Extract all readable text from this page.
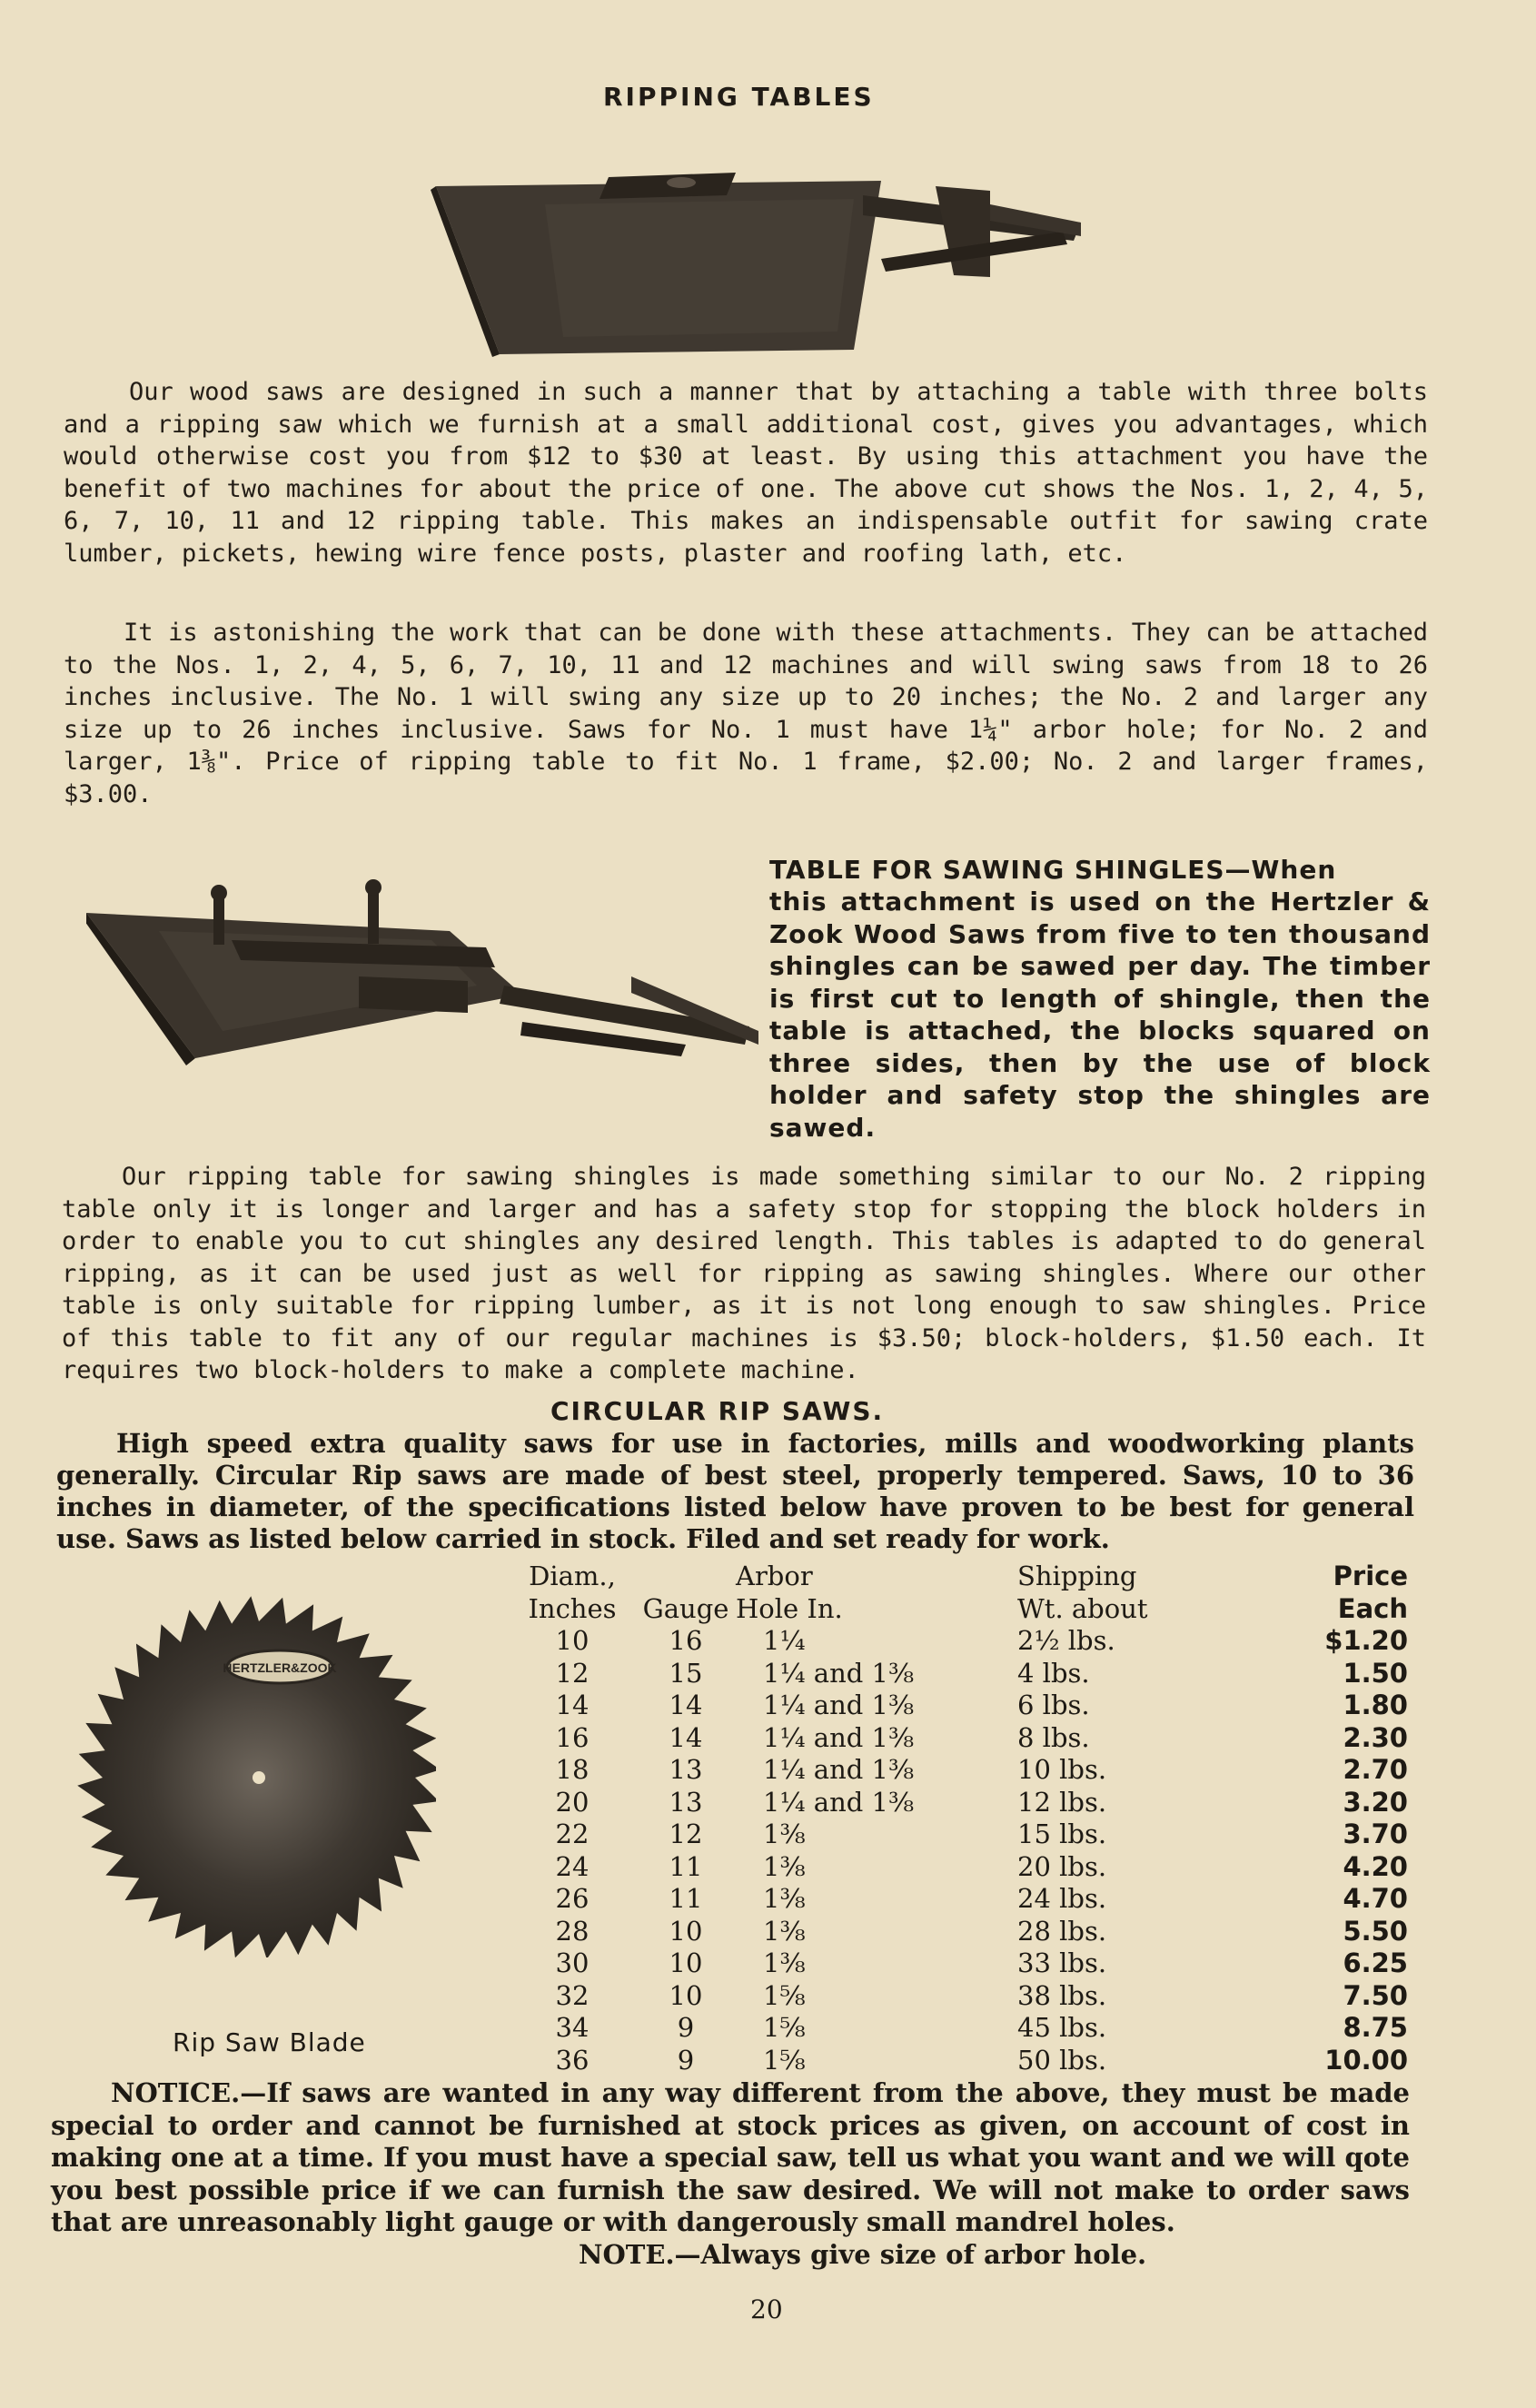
RIPPING TABLES

Our wood saws are designed in such a manner that by attaching a table with three bolts and a ripping saw which we furnish at a small additional cost, gives you advantages, which would otherwise cost you from $12 to $30 at least. By using this attachment you have the benefit of two machines for about the price of one. The above cut shows the Nos. 1, 2, 4, 5, 6, 7, 10, 11 and 12 ripping table. This makes an indispensable outfit for sawing crate lumber, pickets, hewing wire fence posts, plaster and roofing lath, etc.

It is astonishing the work that can be done with these attachments. They can be attached to the Nos. 1, 2, 4, 5, 6, 7, 10, 11 and 12 machines and will swing saws from 18 to 26 inches inclusive. The No. 1 will swing any size up to 20 inches; the No. 2 and larger any size up to 26 inches inclusive. Saws for No. 1 must have 1¼" arbor hole; for No. 2 and larger, 1⅜". Price of ripping table to fit No. 1 frame, $2.00; No. 2 and larger frames, $3.00.

TABLE FOR SAWING SHINGLES—When

this attachment is used on the Hertzler & Zook Wood Saws from five to ten thousand shingles can be sawed per day. The timber is first cut to length of shingle, then the table is attached, the blocks squared on three sides, then by the use of block holder and safety stop the shingles are sawed.

Our ripping table for sawing shingles is made something similar to our No. 2 ripping table only it is longer and larger and has a safety stop for stopping the block holders in order to enable you to cut shingles any desired length. This tables is adapted to do general ripping, as it can be used just as well for ripping as sawing shingles. Where our other table is only suitable for ripping lumber, as it is not long enough to saw shingles. Price of this table to fit any of our regular machines is $3.50; block-holders, $1.50 each. It requires two block-holders to make a complete machine.

CIRCULAR RIP SAWS.

High speed extra quality saws for use in factories, mills and woodworking plants generally. Circular Rip saws are made of best steel, properly tempered. Saws, 10 to 36 inches in diameter, of the specifications listed below have proven to be best for general use. Saws as listed below carried in stock. Filed and set ready for work.

HERTZLER&ZOOK
Rip Saw Blade
Diam.,		Arbor	Shipping	Price
Inches	Gauge	Hole In.	Wt. about	Each
10	16	1¼	2½ lbs.	$1.20
12	15	1¼ and 1⅜	4 lbs.	1.50
14	14	1¼ and 1⅜	6 lbs.	1.80
16	14	1¼ and 1⅜	8 lbs.	2.30
18	13	1¼ and 1⅜	10 lbs.	2.70
20	13	1¼ and 1⅜	12 lbs.	3.20
22	12	1⅜	15 lbs.	3.70
24	11	1⅜	20 lbs.	4.20
26	11	1⅜	24 lbs.	4.70
28	10	1⅜	28 lbs.	5.50
30	10	1⅜	33 lbs.	6.25
32	10	1⅝	38 lbs.	7.50
34	9	1⅝	45 lbs.	8.75
36	9	1⅝	50 lbs.	10.00

NOTICE.—If saws are wanted in any way different from the above, they must be made special to order and cannot be furnished at stock prices as given, on account of cost in making one at a time. If you must have a special saw, tell us what you want and we will qote you best possible price if we can furnish the saw desired. We will not make to order saws that are unreasonably light gauge or with dangerously small mandrel holes.

NOTE.—Always give size of arbor hole.
20
